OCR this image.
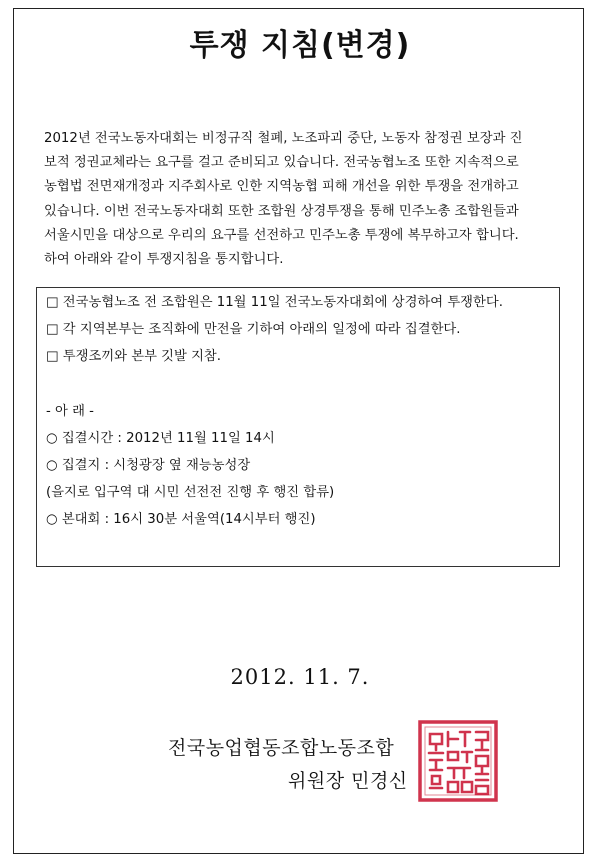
투쟁 지침(변경)
2012년 전국노동자대회는 비정규직 철폐, 노조파괴 중단, 노동자 참정권 보장과 진
보적 정권교체라는 요구를 걸고 준비되고 있습니다. 전국농협노조 또한 지속적으로
농협법 전면재개정과 지주회사로 인한 지역농협 피해 개선을 위한 투쟁을 전개하고
있습니다. 이번 전국노동자대회 또한 조합원 상경투쟁을 통해 민주노총 조합원들과
서울시민을 대상으로 우리의 요구를 선전하고 민주노총 투쟁에 복무하고자 합니다.
하여 아래와 같이 투쟁지침을 통지합니다.
□ 전국농협노조 전 조합원은 11월 11일 전국노동자대회에 상경하여 투쟁한다.
□ 각 지역본부는 조직화에 만전을 기하여 아래의 일정에 따라 집결한다.
□ 투쟁조끼와 본부 깃발 지참.
- 아 래 -
○ 집결시간 : 2012년 11월 11일 14시
○ 집결지 : 시청광장 옆 재능농성장
(을지로 입구역 대 시민 선전전 진행 후 행진 합류)
○ 본대회 : 16시 30분 서울역(14시부터 행진)
2012. 11. 7.
전국농업협동조합노동조합
위원장 민경신
